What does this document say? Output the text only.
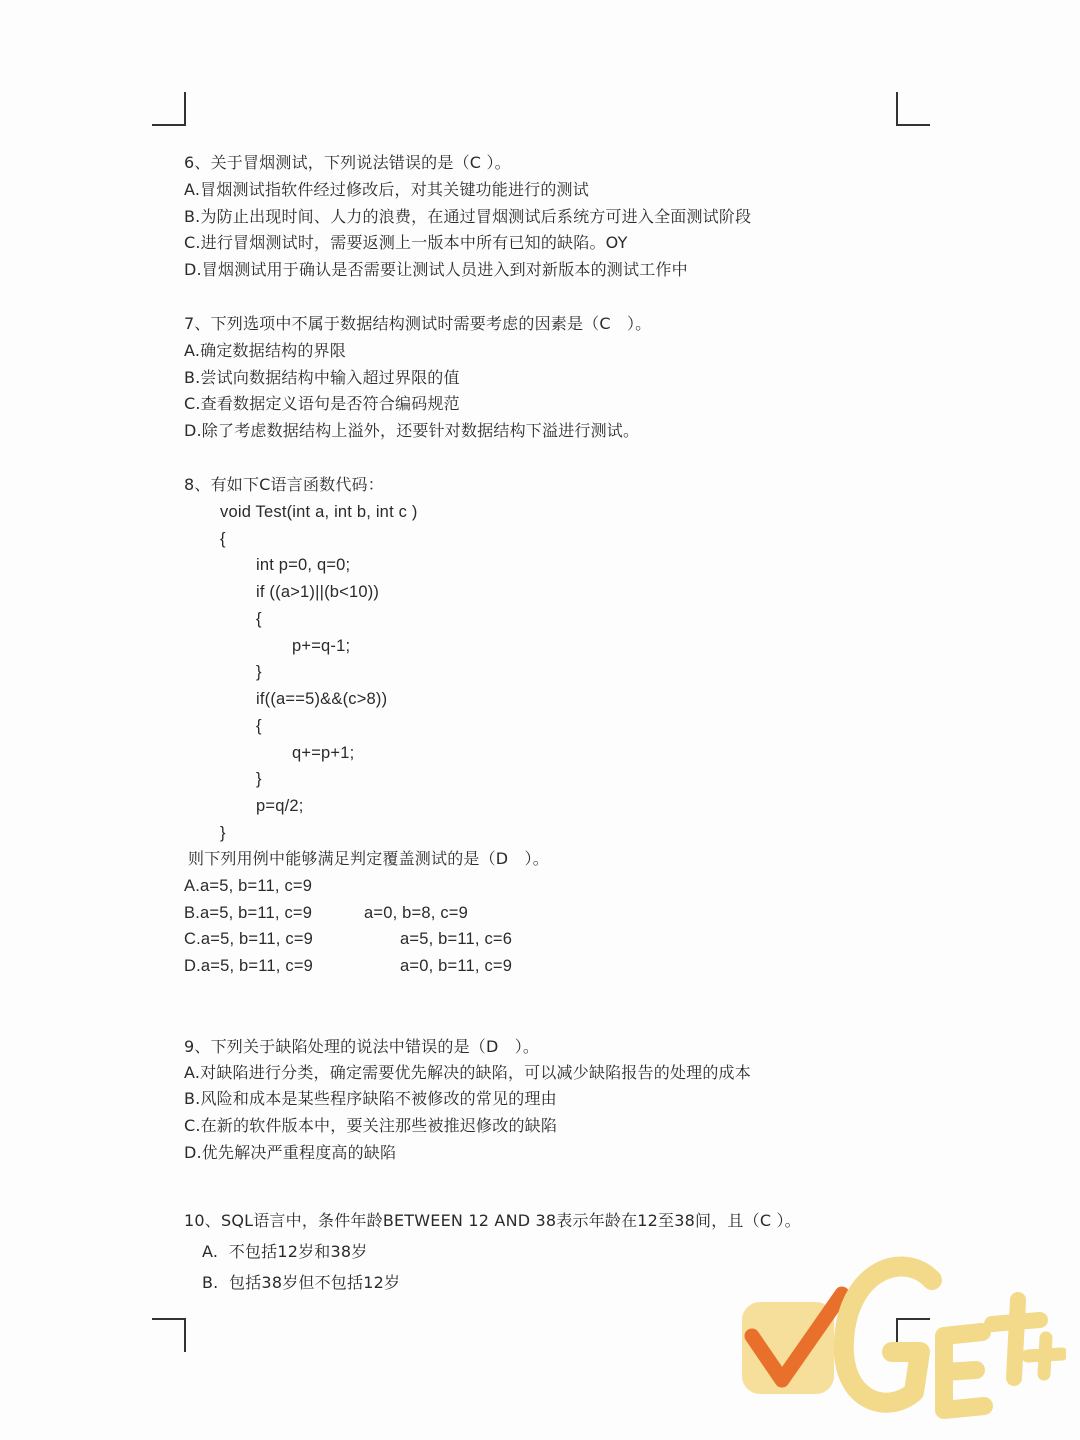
6、关于冒烟测试，下列说法错误的是（C ）。
A.冒烟测试指软件经过修改后，对其关键功能进行的测试
B.为防止出现时间、人力的浪费，在通过冒烟测试后系统方可进入全面测试阶段
C.进行冒烟测试时，需要返测上一版本中所有已知的缺陷。OY
D.冒烟测试用于确认是否需要让测试人员进入到对新版本的测试工作中
7、下列选项中不属于数据结构测试时需要考虑的因素是（C　）。
A.确定数据结构的界限
B.尝试向数据结构中输入超过界限的值
C.查看数据定义语句是否符合编码规范
D.除了考虑数据结构上溢外，还要针对数据结构下溢进行测试。
8、有如下C语言函数代码：
void Test(int a, int b, int c )
{
int p=0, q=0;
if ((a>1)||(b<10))
{
p+=q-1;
}
if((a==5)&&(c>8))
{
q+=p+1;
}
p=q/2;
}
则下列用例中能够满足判定覆盖测试的是（D　）。
A.a=5, b=11, c=9
B.a=5, b=11, c=9	a=0, b=8, c=9
C.a=5, b=11, c=9	a=5, b=11, c=6
D.a=5, b=11, c=9	a=0, b=11, c=9
9、下列关于缺陷处理的说法中错误的是（D　）。
A.对缺陷进行分类，确定需要优先解决的缺陷，可以减少缺陷报告的处理的成本
B.风险和成本是某些程序缺陷不被修改的常见的理由
C.在新的软件版本中，要关注那些被推迟修改的缺陷
D.优先解决严重程度高的缺陷
10、SQL语言中，条件年龄BETWEEN 12 AND 38表示年龄在12至38间，且（C ）。
A.  不包括12岁和38岁
B.  包括38岁但不包括12岁
